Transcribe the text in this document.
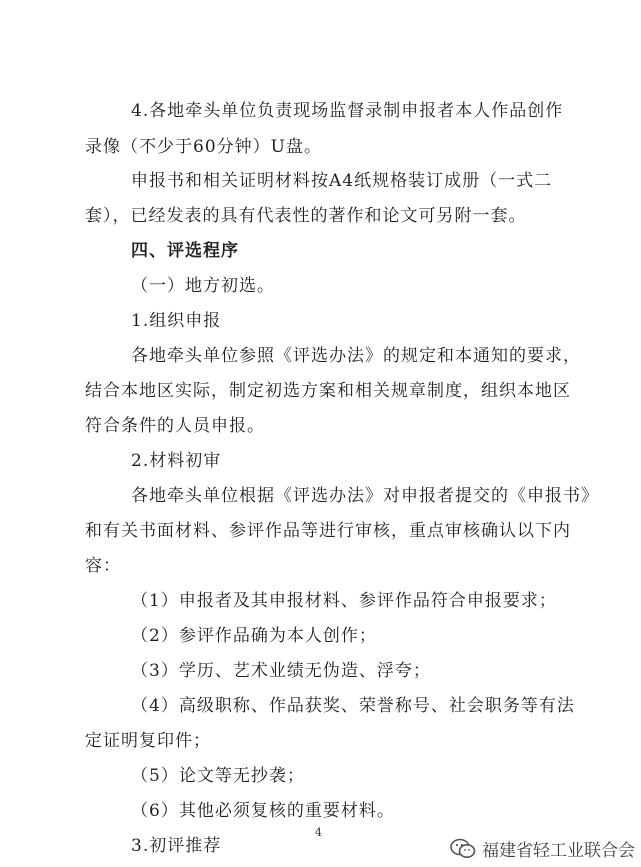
4.各地牵头单位负责现场监督录制申报者本人作品创作
录像（不少于60分钟）U盘。
申报书和相关证明材料按A4纸规格装订成册（一式二
套），已经发表的具有代表性的著作和论文可另附一套。
四、评选程序
（一）地方初选。
1.组织申报
各地牵头单位参照《评选办法》的规定和本通知的要求，
结合本地区实际，制定初选方案和相关规章制度，组织本地区
符合条件的人员申报。
2.材料初审
各地牵头单位根据《评选办法》对申报者提交的《申报书》
和有关书面材料、参评作品等进行审核，重点审核确认以下内
容：
（1）申报者及其申报材料、参评作品符合申报要求；
（2）参评作品确为本人创作；
（3）学历、艺术业绩无伪造、浮夸；
（4）高级职称、作品获奖、荣誉称号、社会职务等有法
定证明复印件；
（5）论文等无抄袭；
（6）其他必须复核的重要材料。
3.初评推荐
4
福建省轻工业联合会
